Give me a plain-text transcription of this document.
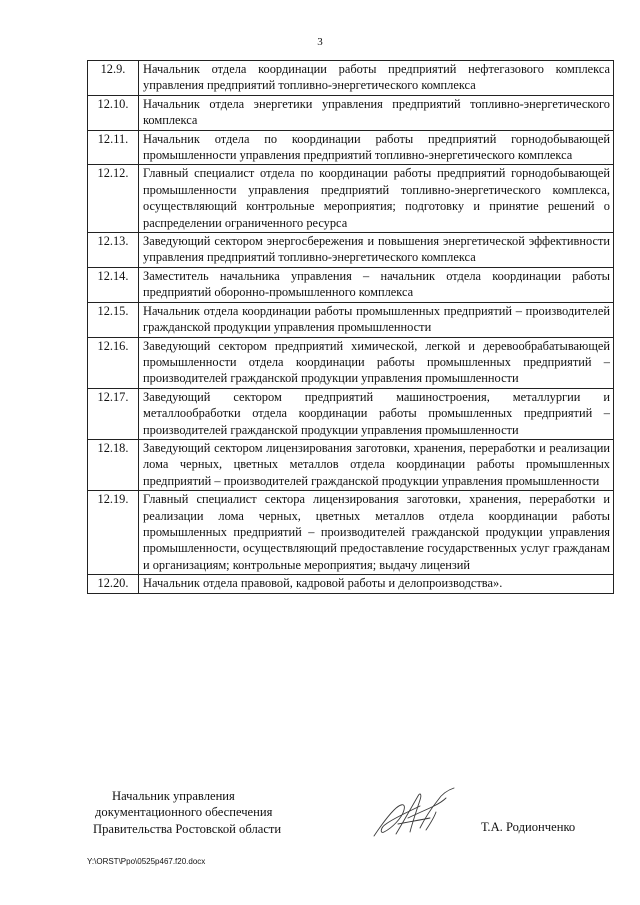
3
12.9.	Начальник отдела координации работы предприятий нефтегазового комплекса управления предприятий топливно-энергетического комплекса
12.10.	Начальник отдела энергетики управления предприятий топливно-энергетического комплекса
12.11.	Начальник отдела по координации работы предприятий горнодобывающей промышленности управления предприятий топливно-энергетического комплекса
12.12.	Главный специалист отдела по координации работы предприятий горнодобывающей промышленности управления предприятий топливно-энергетического комплекса, осуществляющий контрольные мероприятия; подготовку и принятие решений о распределении ограниченного ресурса
12.13.	Заведующий сектором энергосбережения и повышения энергетической эффективности управления предприятий топливно-энергетического комплекса
12.14.	Заместитель начальника управления – начальник отдела координации работы предприятий оборонно-промышленного комплекса
12.15.	Начальник отдела координации работы промышленных предприятий – производителей гражданской продукции управления промышленности
12.16.	Заведующий сектором предприятий химической, легкой и деревообрабатывающей промышленности отдела координации работы промышленных предприятий – производителей гражданской продукции управления промышленности
12.17.	Заведующий сектором предприятий машиностроения, металлургии и металлообработки отдела координации работы промышленных предприятий – производителей гражданской продукции управления промышленности
12.18.	Заведующий сектором лицензирования заготовки, хранения, переработки и реализации лома черных, цветных металлов отдела координации работы промышленных предприятий – производителей гражданской продукции управления промышленности
12.19.	Главный специалист сектора лицензирования заготовки, хранения, переработки и реализации лома черных, цветных металлов отдела координации работы промышленных предприятий – производителей гражданской продукции управления промышленности, осуществляющий предоставление государственных услуг гражданам и организациям; контрольные мероприятия; выдачу лицензий
12.20.	Начальник отдела правовой, кадровой работы и делопроизводства».
Начальник управления
документационного обеспечения
Правительства Ростовской области	Т.А. Родионченко
Y:\ORST\Ppo\0525p467.f20.docx
